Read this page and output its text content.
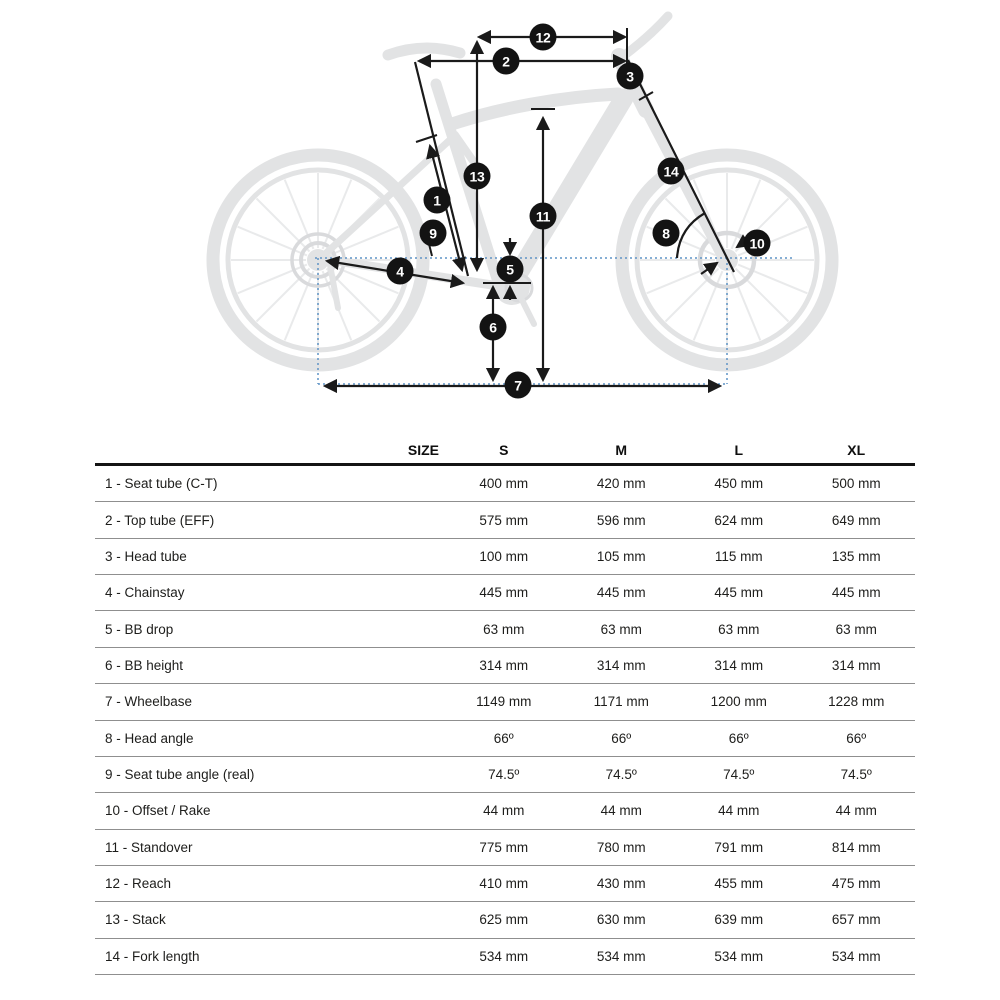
1
2
3
4	5
6
7
8
9
10
11
12
13	14
SIZE	S	M	L	XL
1 - Seat tube (C-T)	400 mm	420 mm	450 mm	500 mm
2 - Top tube (EFF)	575 mm	596 mm	624 mm	649 mm
3 - Head tube	100 mm	105 mm	115 mm	135 mm
4 - Chainstay	445 mm	445 mm	445 mm	445 mm
5 - BB drop	63 mm	63 mm	63 mm	63 mm
6 - BB height	314 mm	314 mm	314 mm	314 mm
7 - Wheelbase	1149 mm	1171 mm	1200 mm	1228 mm
8 - Head angle	66º	66º	66º	66º
9 - Seat tube angle (real)	74.5º	74.5º	74.5º	74.5º
10 - Offset / Rake	44 mm	44 mm	44 mm	44 mm
11 - Standover	775 mm	780 mm	791 mm	814 mm
12 - Reach	410 mm	430 mm	455 mm	475 mm
13 - Stack	625 mm	630 mm	639 mm	657 mm
14 - Fork length	534 mm	534 mm	534 mm	534 mm
